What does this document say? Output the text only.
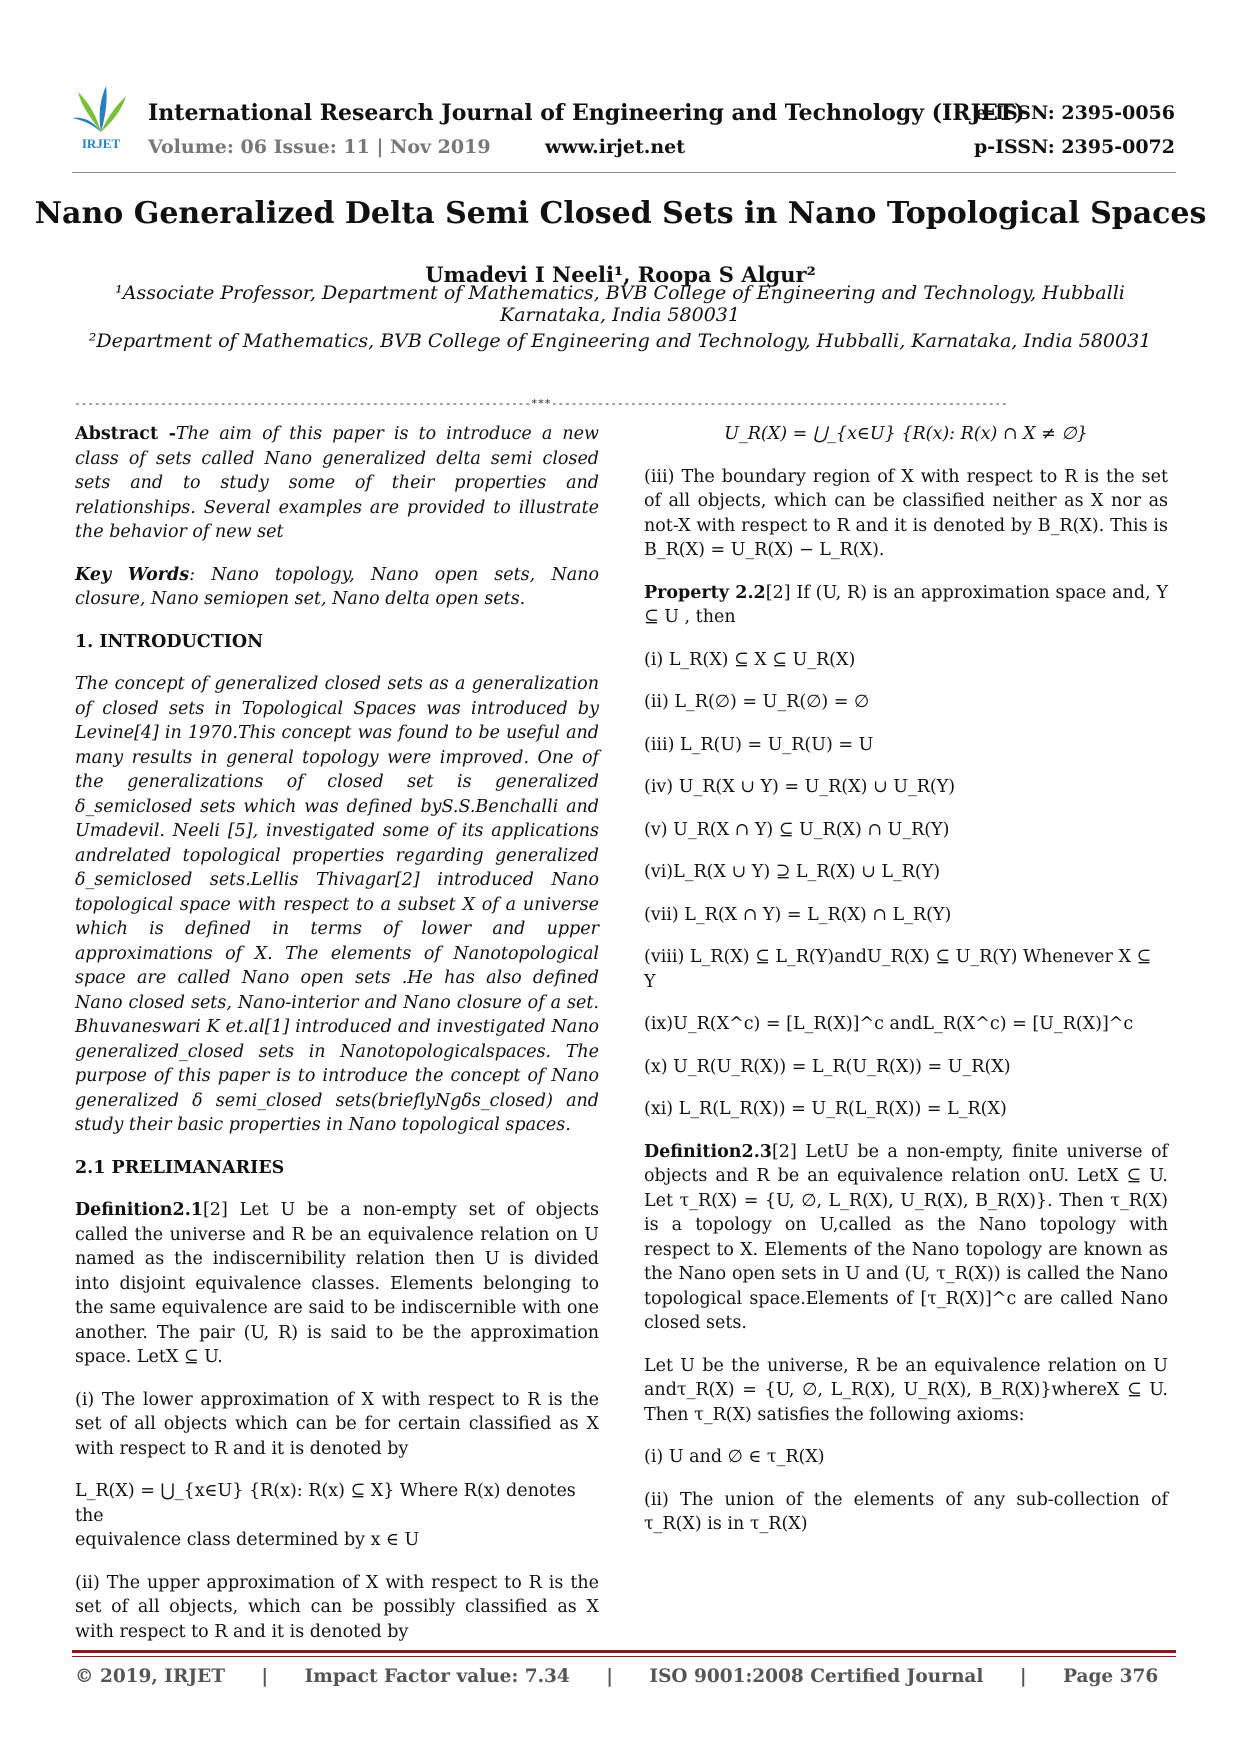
IRJET
International Research Journal of Engineering and Technology (IRJET)
e-ISSN: 2395-0056
Volume: 06 Issue: 11 | Nov 2019	www.irjet.net	p-ISSN: 2395-0072
Nano Generalized Delta Semi Closed Sets in Nano Topological Spaces
Umadevi I Neeli¹, Roopa S Algur²
¹Associate Professor, Department of Mathematics, BVB College of Engineering and Technology, Hubballi Karnataka, India 580031
²Department of Mathematics, BVB College of Engineering and Technology, Hubballi, Karnataka, India 580031
---------------------------------------------------------------------***---------------------------------------------------------------------

Abstract -The aim of this paper is to introduce a new class of sets called Nano generalized delta semi closed sets and to study some of their properties and relationships. Several examples are provided to illustrate the behavior of new set

Key Words: Nano topology, Nano open sets, Nano closure, Nano semiopen set, Nano delta open sets.

1. INTRODUCTION

The concept of generalized closed sets as a generalization of closed sets in Topological Spaces was introduced by Levine[4] in 1970.This concept was found to be useful and many results in general topology were improved. One of the generalizations of closed set is generalized δ_semiclosed sets which was defined byS.S.Benchalli and Umadevil. Neeli [5], investigated some of its applications andrelated topological properties regarding generalized δ_semiclosed sets.Lellis Thivagar[2] introduced Nano topological space with respect to a subset X of a universe which is defined in terms of lower and upper approximations of X. The elements of Nanotopological space are called Nano open sets .He has also defined Nano closed sets, Nano-interior and Nano closure of a set. Bhuvaneswari K et.al[1] introduced and investigated Nano generalized_closed sets in Nanotopologicalspaces. The purpose of this paper is to introduce the concept of Nano generalized δ semi_closed sets(brieflyNgδs_closed) and study their basic properties in Nano topological spaces.

2.1 PRELIMANARIES

Definition2.1[2] Let U be a non-empty set of objects called the universe and R be an equivalence relation on U named as the indiscernibility relation then U is divided into disjoint equivalence classes. Elements belonging to the same equivalence are said to be indiscernible with one another. The pair (U, R) is said to be the approximation space. LetX ⊆ U.

(i) The lower approximation of X with respect to R is the set of all objects which can be for certain classified as X with respect to R and it is denoted by

L_R(X) = ⋃_{x∈U} {R(x): R(x) ⊆ X} Where R(x) denotes the

equivalence class determined by x ∈ U

(ii) The upper approximation of X with respect to R is the set of all objects, which can be possibly classified as X with respect to R and it is denoted by

U_R(X) = ⋃_{x∈U} {R(x): R(x) ∩ X ≠ ∅}

(iii) The boundary region of X with respect to R is the set of all objects, which can be classified neither as X nor as not-X with respect to R and it is denoted by B_R(X). This is B_R(X) = U_R(X) − L_R(X).

Property 2.2[2] If (U, R) is an approximation space and, Y ⊆ U , then

(i) L_R(X) ⊆ X ⊆ U_R(X)

(ii) L_R(∅) = U_R(∅) = ∅

(iii) L_R(U) = U_R(U) = U

(iv) U_R(X ∪ Y) = U_R(X) ∪ U_R(Y)

(v) U_R(X ∩ Y) ⊆ U_R(X) ∩ U_R(Y)

(vi)L_R(X ∪ Y) ⊇ L_R(X) ∪ L_R(Y)

(vii) L_R(X ∩ Y) = L_R(X) ∩ L_R(Y)

(viii) L_R(X) ⊆ L_R(Y)andU_R(X) ⊆ U_R(Y) Whenever X ⊆ Y

(ix)U_R(X^c) = [L_R(X)]^c andL_R(X^c) = [U_R(X)]^c

(x) U_R(U_R(X)) = L_R(U_R(X)) = U_R(X)

(xi) L_R(L_R(X)) = U_R(L_R(X)) = L_R(X)

Definition2.3[2] LetU be a non-empty, finite universe of objects and R be an equivalence relation onU. LetX ⊆ U. Let τ_R(X) = {U, ∅, L_R(X), U_R(X), B_R(X)}. Then τ_R(X) is a topology on U,called as the Nano topology with respect to X. Elements of the Nano topology are known as the Nano open sets in U and (U, τ_R(X)) is called the Nano topological space.Elements of [τ_R(X)]^c are called Nano closed sets.

Let U be the universe, R be an equivalence relation on U andτ_R(X) = {U, ∅, L_R(X), U_R(X), B_R(X)}whereX ⊆ U. Then τ_R(X) satisfies the following axioms:

(i) U and ∅ ∈ τ_R(X)

(ii) The union of the elements of any sub-collection of τ_R(X) is in τ_R(X)

© 2019, IRJET | Impact Factor value: 7.34 | ISO 9001:2008 Certified Journal | Page 376
